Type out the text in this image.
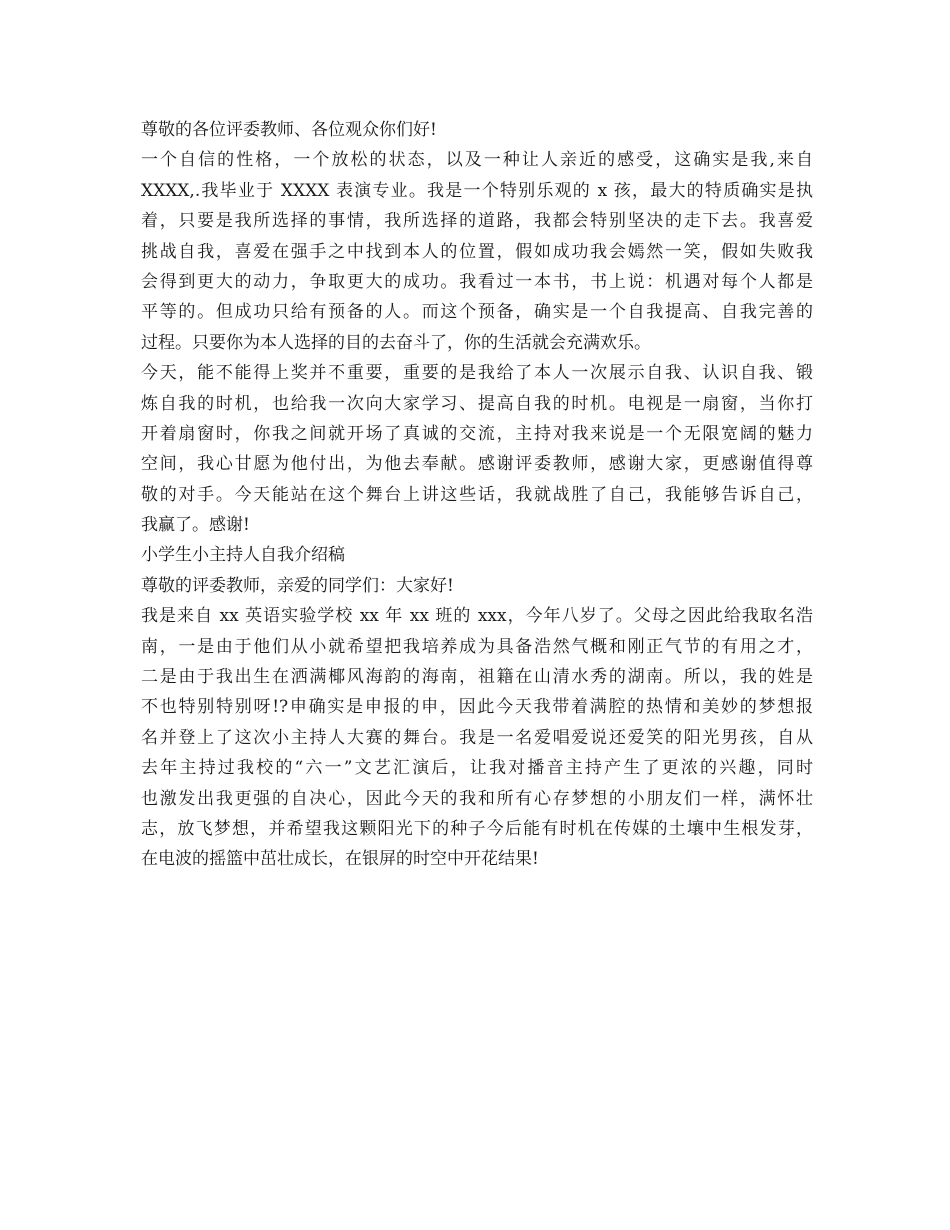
尊敬的各位评委教师、各位观众你们好!
一个自信的性格，一个放松的状态，以及一种让人亲近的感受，这确实是我,来自
XXXX,.我毕业于 XXXX 表演专业。我是一个特别乐观的 x 孩，最大的特质确实是执
着，只要是我所选择的事情，我所选择的道路，我都会特别坚决的走下去。我喜爱
挑战自我，喜爱在强手之中找到本人的位置，假如成功我会嫣然一笑，假如失败我
会得到更大的动力，争取更大的成功。我看过一本书，书上说：机遇对每个人都是
平等的。但成功只给有预备的人。而这个预备，确实是一个自我提高、自我完善的
过程。只要你为本人选择的目的去奋斗了，你的生活就会充满欢乐。
今天，能不能得上奖并不重要，重要的是我给了本人一次展示自我、认识自我、锻
炼自我的时机，也给我一次向大家学习、提高自我的时机。电视是一扇窗，当你打
开着扇窗时，你我之间就开场了真诚的交流，主持对我来说是一个无限宽阔的魅力
空间，我心甘愿为他付出，为他去奉献。感谢评委教师，感谢大家，更感谢值得尊
敬的对手。今天能站在这个舞台上讲这些话，我就战胜了自己，我能够告诉自己，
我赢了。感谢!
小学生小主持人自我介绍稿
尊敬的评委教师，亲爱的同学们：大家好!
我是来自 xx 英语实验学校 xx 年 xx 班的 xxx，今年八岁了。父母之因此给我取名浩
南，一是由于他们从小就希望把我培养成为具备浩然气概和刚正气节的有用之才，
二是由于我出生在洒满椰风海韵的海南，祖籍在山清水秀的湖南。所以，我的姓是
不也特别特别呀!?申确实是申报的申，因此今天我带着满腔的热情和美妙的梦想报
名并登上了这次小主持人大赛的舞台。我是一名爱唱爱说还爱笑的阳光男孩，自从
去年主持过我校的“六一”文艺汇演后，让我对播音主持产生了更浓的兴趣，同时
也激发出我更强的自决心，因此今天的我和所有心存梦想的小朋友们一样，满怀壮
志，放飞梦想，并希望我这颗阳光下的种子今后能有时机在传媒的土壤中生根发芽，
在电波的摇篮中茁壮成长，在银屏的时空中开花结果!
